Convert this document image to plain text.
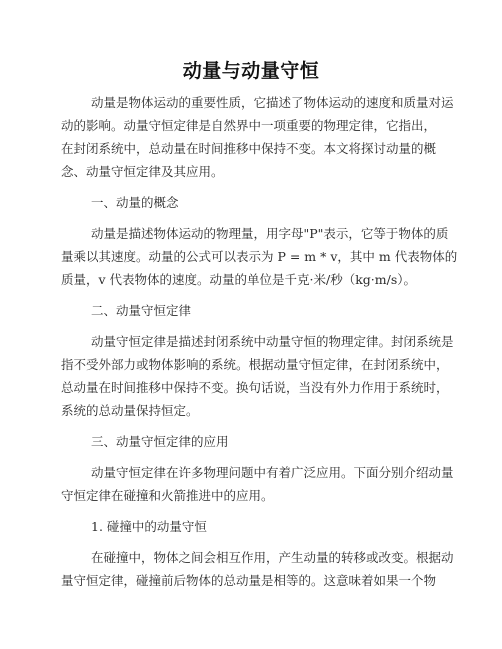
动量与动量守恒
动量是物体运动的重要性质，它描述了物体运动的速度和质量对运
动的影响。动量守恒定律是自然界中一项重要的物理定律，它指出，
在封闭系统中，总动量在时间推移中保持不变。本文将探讨动量的概
念、动量守恒定律及其应用。
一、动量的概念
动量是描述物体运动的物理量，用字母"P"表示，它等于物体的质
量乘以其速度。动量的公式可以表示为 P = m * v，其中 m 代表物体的
质量，v 代表物体的速度。动量的单位是千克·米/秒（kg·m/s）。
二、动量守恒定律
动量守恒定律是描述封闭系统中动量守恒的物理定律。封闭系统是
指不受外部力或物体影响的系统。根据动量守恒定律，在封闭系统中，
总动量在时间推移中保持不变。换句话说，当没有外力作用于系统时，
系统的总动量保持恒定。
三、动量守恒定律的应用
动量守恒定律在许多物理问题中有着广泛应用。下面分别介绍动量
守恒定律在碰撞和火箭推进中的应用。
1. 碰撞中的动量守恒
在碰撞中，物体之间会相互作用，产生动量的转移或改变。根据动
量守恒定律，碰撞前后物体的总动量是相等的。这意味着如果一个物
